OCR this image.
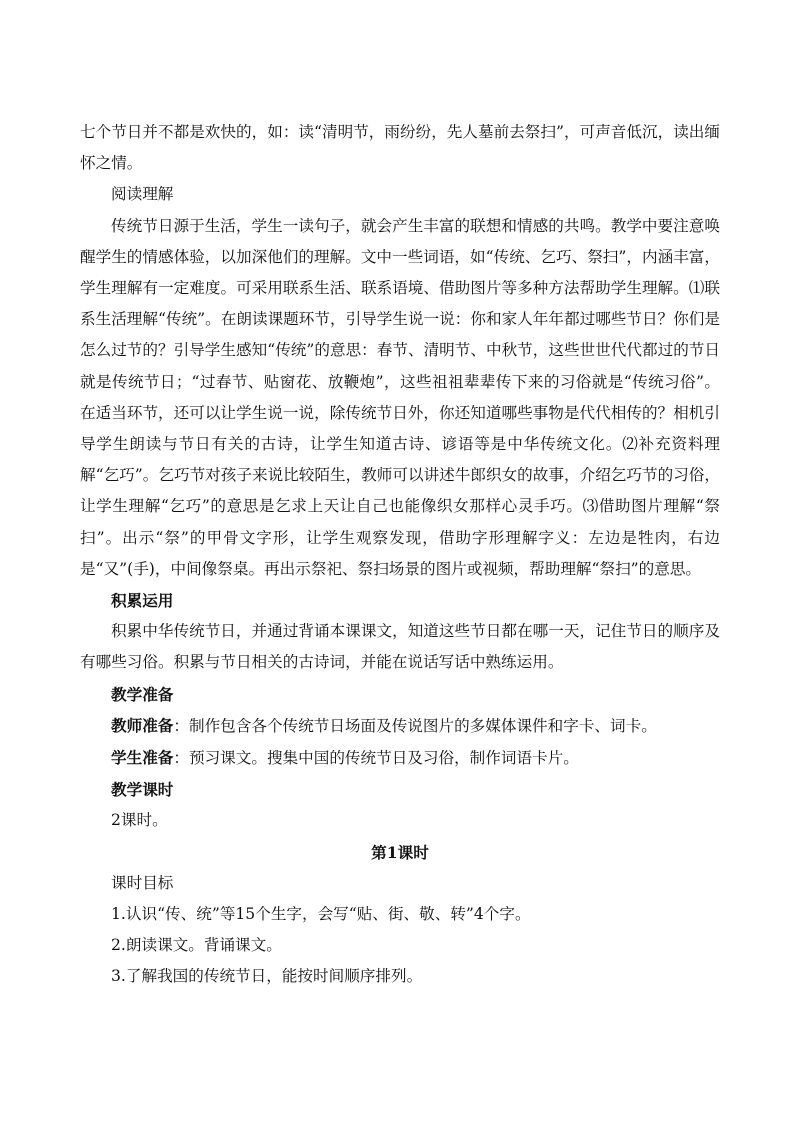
七个节日并不都是欢快的，如：读“清明节，雨纷纷，先人墓前去祭扫”，可声音低沉，读出缅怀之情。

阅读理解

传统节日源于生活，学生一读句子，就会产生丰富的联想和情感的共鸣。教学中要注意唤醒学生的情感体验，以加深他们的理解。文中一些词语，如“传统、乞巧、祭扫”，内涵丰富，学生理解有一定难度。可采用联系生活、联系语境、借助图片等多种方法帮助学生理解。⑴联系生活理解“传统”。在朗读课题环节，引导学生说一说：你和家人年年都过哪些节日？你们是怎么过节的？引导学生感知“传统”的意思：春节、清明节、中秋节，这些世世代代都过的节日就是传统节日；“过春节、贴窗花、放鞭炮”，这些祖祖辈辈传下来的习俗就是“传统习俗”。在适当环节，还可以让学生说一说，除传统节日外，你还知道哪些事物是代代相传的？相机引导学生朗读与节日有关的古诗，让学生知道古诗、谚语等是中华传统文化。⑵补充资料理解“乞巧”。乞巧节对孩子来说比较陌生，教师可以讲述牛郎织女的故事，介绍乞巧节的习俗，让学生理解“乞巧”的意思是乞求上天让自己也能像织女那样心灵手巧。⑶借助图片理解“祭扫”。出示“祭”的甲骨文字形，让学生观察发现，借助字形理解字义：左边是牲肉，右边是“又”(手)，中间像祭桌。再出示祭祀、祭扫场景的图片或视频，帮助理解“祭扫”的意思。

积累运用

积累中华传统节日，并通过背诵本课课文，知道这些节日都在哪一天，记住节日的顺序及有哪些习俗。积累与节日相关的古诗词，并能在说话写话中熟练运用。

教学准备

教师准备：制作包含各个传统节日场面及传说图片的多媒体课件和字卡、词卡。

学生准备：预习课文。搜集中国的传统节日及习俗，制作词语卡片。

教学课时

2课时。

第1课时

课时目标

1.认识“传、统”等15个生字，会写“贴、街、敬、转”4个字。

2.朗读课文。背诵课文。

3.了解我国的传统节日，能按时间顺序排列。
